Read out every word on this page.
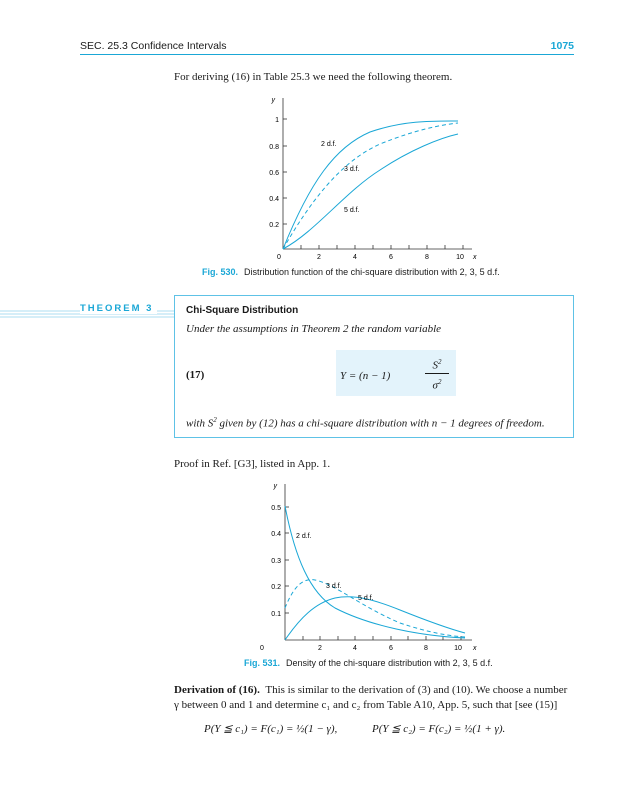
SEC. 25.3 Confidence Intervals	1075
For deriving (16) in Table 25.3 we need the following theorem.
y
1
0.8
0.6
0.4
0.2
0	2	4	6	8	10 x
2 d.f.
3 d.f.
5 d.f.
Fig. 530. Distribution function of the chi-square distribution with 2, 3, 5 d.f.
THEOREM 3	Chi-Square Distribution
Under the assumptions in Theorem 2 the random variable
(17)	Y = (n − 1)
$S^2$
$\sigma^2$
with $S^2$ given by (12) has a chi-square distribution with n − 1 degrees of freedom.
Proof in Ref. [G3], listed in App. 1.
y
0.5
0.4
0.3
0.2
0.1
0	2	4	6	8	10 x
2 d.f.
3 d.f.
5 d.f.
Fig. 531. Density of the chi-square distribution with 2, 3, 5 d.f.
Derivation of (16). This is similar to the derivation of (3) and (10). We choose a number
γ between 0 and 1 and determine c₁ and c₂ from Table A10, App. 5, such that [see (15)]
P(Y ≦ c₁) = F(c₁) = ½(1 − γ),	P(Y ≦ c₂) = F(c₂) = ½(1 + γ).
